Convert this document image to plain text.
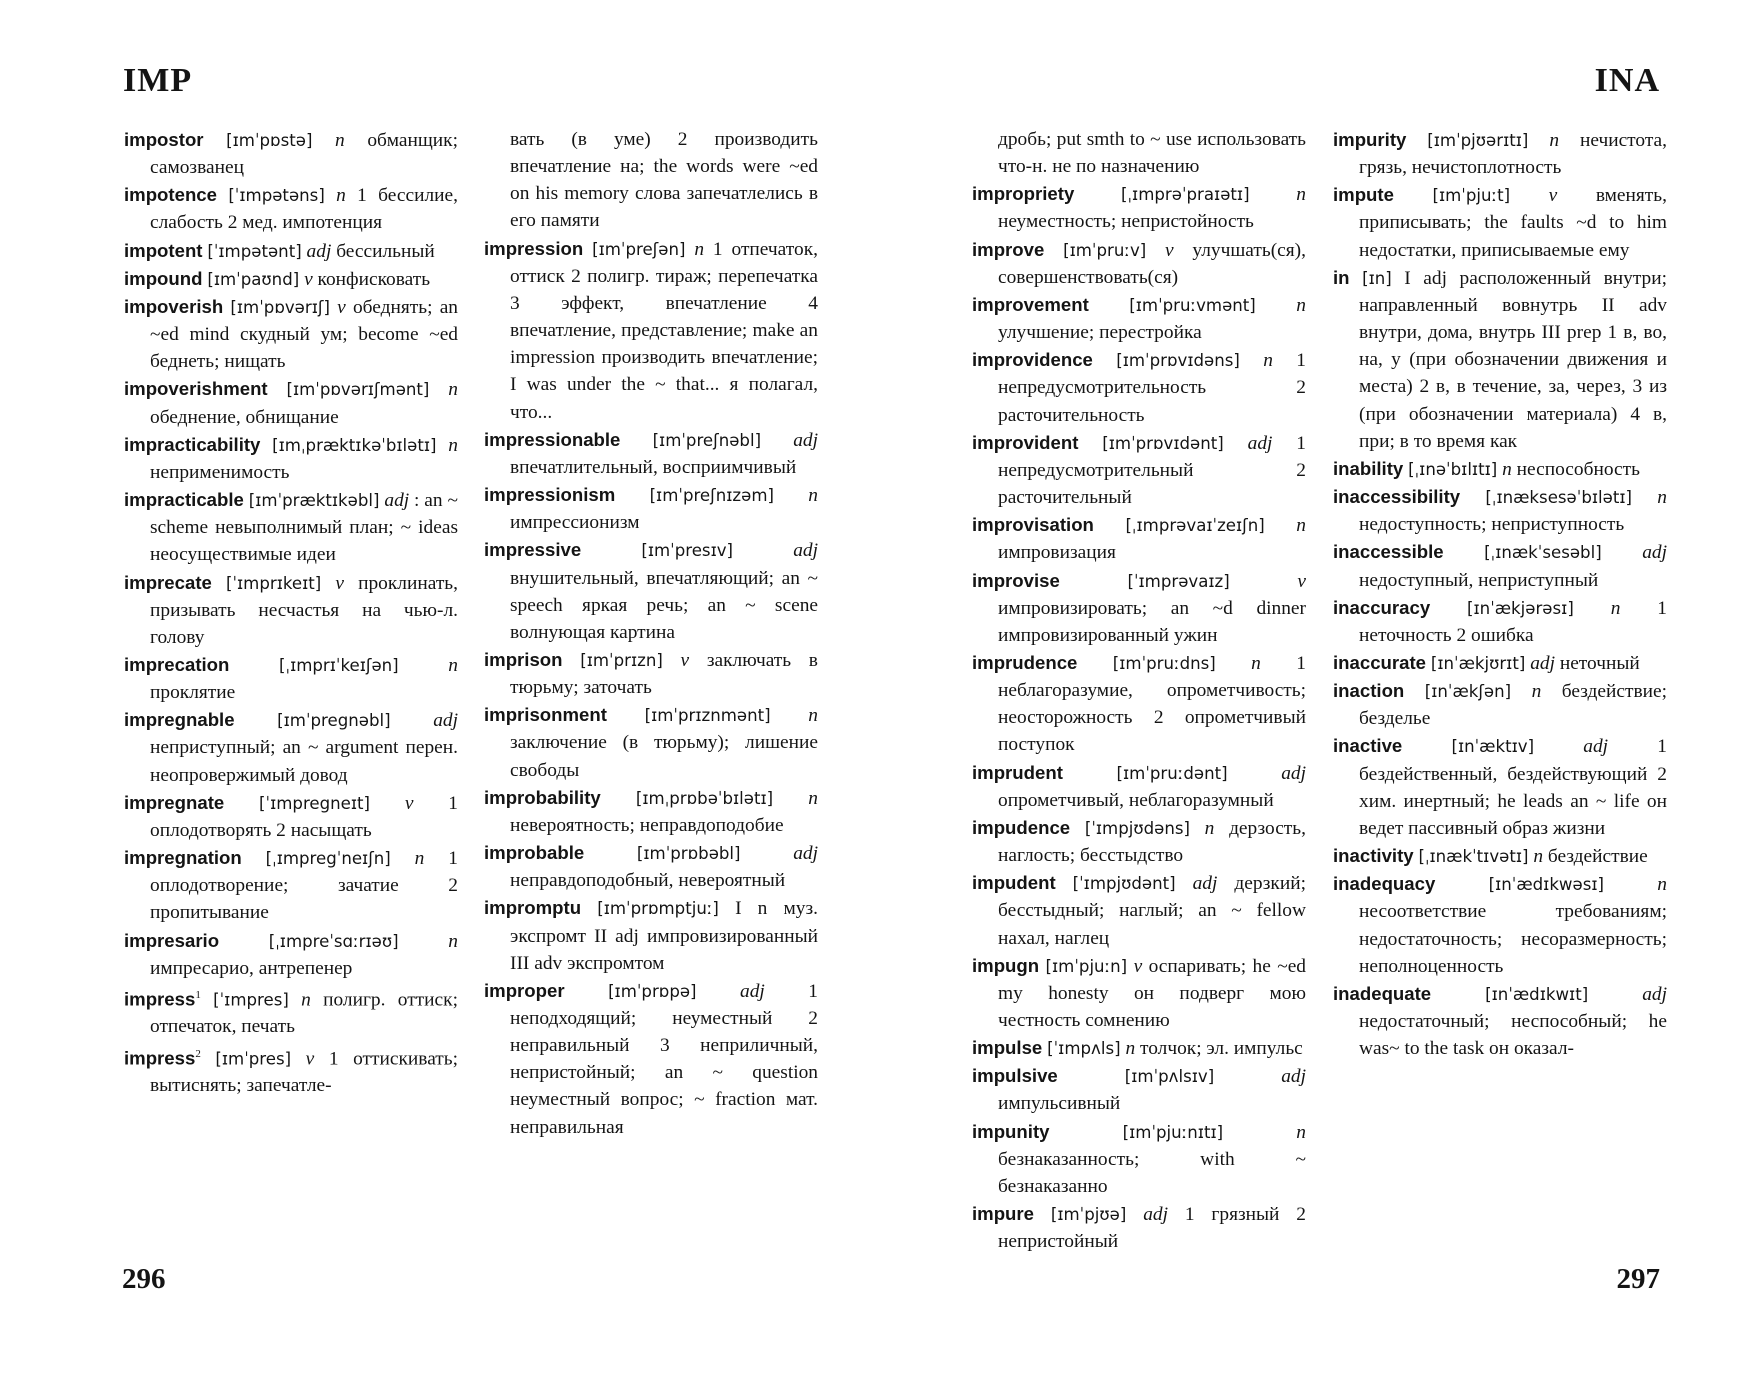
IMP
impostor [ɪmˈpɒstə] n обманщик; самозванец
impotence [ˈɪmpətəns] n 1 бессилие, слабость 2 мед. импотенция
impotent [ˈɪmpətənt] adj бессильный
impound [ɪmˈpaʊnd] v конфисковать
impoverish [ɪmˈpɒvərɪʃ] v обеднять; an ~ed mind скудный ум; become ~ed беднеть; нищать
impoverishment [ɪmˈpɒvərɪʃmənt] n обеднение, обнищание
impracticability [ɪmˌpræktɪkəˈbɪlətɪ] n неприменимость
impracticable [ɪmˈpræktɪkəbl] adj : an ~ scheme невыполнимый план; ~ ideas неосуществимые идеи
imprecate [ˈɪmprɪkeɪt] v проклинать, призывать несчастья на чью-л. голову
imprecation	[ˌɪmprɪˈkeɪʃən]	n проклятие
impregnable	[ɪmˈpregnəbl] adj неприступный; an ~ argument перен. неопровержимый довод
impregnate [ˈɪmpregneɪt] v 1 оплодотворять 2 насыщать
impregnation [ˌɪmpregˈneɪʃn] n 1 оплодотворение; зачатие 2 пропитывание
impresario	[ˌɪmpreˈsɑːrɪəʊ]	n импресарио, антрепенер
impress$^1$ [ˈɪmpres] n полигр. оттиск; отпечаток, печать
impress$^2$ [ɪmˈpres] v 1 оттискивать; вытиснять; запечатле-
вать (в уме) 2 производить впечатление на; the words were ~ed on his memory слова запечатлелись в его памяти
impression [ɪmˈpreʃən] n 1 отпечаток, оттиск 2 полигр. тираж; перепечатка 3 эффект, впечатление 4 впечатление, представление; make an impression производить впечатление; I was under the ~ that... я полагал, что...
impressionable [ɪmˈpreʃnəbl] adj впечатлительный, восприимчивый
impressionism [ɪmˈpreʃnɪzəm] n импрессионизм
impressive	[ɪmˈpresɪv]	adj внушительный, впечатляющий; an ~ speech яркая речь; an ~ scene волнующая картина
imprison [ɪmˈprɪzn] v заключать в тюрьму; заточать
imprisonment [ɪmˈprɪznmənt] n заключение (в тюрьму); лишение свободы
improbability [ɪmˌprɒbəˈbɪlətɪ] n невероятность; неправдоподобие
improbable	[ɪmˈprɒbəbl]	adj неправдоподобный, невероятный
impromptu [ɪmˈprɒmptjuː] I n муз. экспромт II adj импровизированный III adv экспромтом
improper	[ɪmˈprɒpə] adj 1 неподходящий; неуместный 2 неправильный 3 неприличный, непристойный; an ~ question неуместный вопрос; ~ fraction мат. неправильная
296
INA
дробь; put smth to ~ use использовать что-н. не по назначению
impropriety	[ˌɪmprəˈpraɪətɪ] n неуместность; непристойность
improve [ɪmˈpruːv] v улучшать(ся), совершенствовать(ся)
improvement [ɪmˈpruːvmənt] n улучшение; перестройка
improvidence [ɪmˈprɒvɪdəns] n 1 непредусмотрительность 2 расточительность
improvident [ɪmˈprɒvɪdənt] adj 1 непредусмотрительный 2 расточительный
improvisation [ˌɪmprəvaɪˈzeɪʃn] n импровизация
improvise	[ˈɪmprəvaɪz]	v импровизировать; an ~d dinner импровизированный ужин
imprudence [ɪmˈpruːdns] n 1 неблагоразумие, опрометчивость; неосторожность 2 опрометчивый поступок
imprudent	[ɪmˈpruːdənt]	adj опрометчивый, неблагоразумный
impudence [ˈɪmpjʊdəns] n дерзость, наглость; бесстыдство
impudent [ˈɪmpjʊdənt] adj дерзкий; бесстыдный; наглый; an ~ fellow нахал, наглец
impugn [ɪmˈpjuːn] v оспаривать; he ~ed my honesty он подверг мою честность сомнению
impulse [ˈɪmpʌls] n толчок; эл. импульс
impulsive	[ɪmˈpʌlsɪv]	adj импульсивный
impunity	[ɪmˈpjuːnɪtɪ]	n безнаказанность; with ~ безнаказанно
impure [ɪmˈpjʊə] adj 1 грязный 2 непристойный
impurity [ɪmˈpjʊərɪtɪ] n нечистота, грязь, нечистоплотность
impute [ɪmˈpjuːt] v вменять, приписывать; the faults ~d to him недостатки, приписываемые ему
in [ɪn] I adj расположенный внутри; направленный вовнутрь II adv внутри, дома, внутрь III prep 1 в, во, на, у (при обозначении движения и места) 2 в, в течение, за, через, 3 из (при обозначении материала) 4 в, при; в то время как
inability [ˌɪnəˈbɪlɪtɪ] n неспособность
inaccessibility [ˌɪnæksesəˈbɪlətɪ] n недоступность; неприступность
inaccessible [ˌɪnækˈsesəbl] adj недоступный, неприступный
inaccuracy [ɪnˈækjərəsɪ] n 1 неточность 2 ошибка
inaccurate [ɪnˈækjʊrɪt] adj неточный
inaction [ɪnˈækʃən] n бездействие; безделье
inactive	[ɪnˈæktɪv]	adj	1 бездейственный, бездействующий 2 хим. инертный; he leads an ~ life он ведет пассивный образ жизни
inactivity [ˌɪnækˈtɪvətɪ] n бездействие
inadequacy	[ɪnˈædɪkwəsɪ]	n несоответствие требованиям; недостаточность; несоразмерность; неполноценность
inadequate	[ɪnˈædɪkwɪt]	adj недостаточный; неспособный; he was~ to the task он оказал-
297
